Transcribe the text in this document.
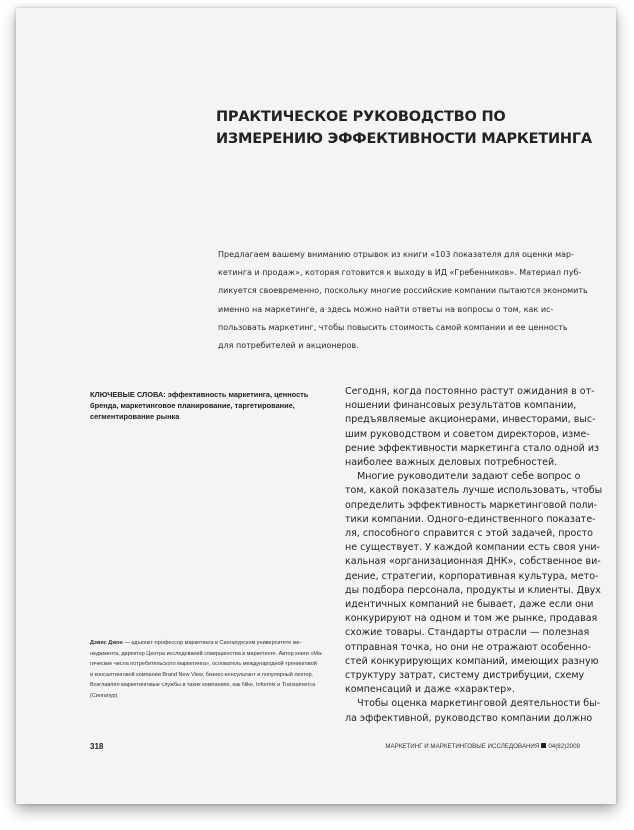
ПРАКТИЧЕСКОЕ РУКОВОДСТВО ПО
ИЗМЕРЕНИЮ ЭФФЕКТИВНОСТИ МАРКЕТИНГА
Предлагаем вашему вниманию отрывок из книги «103 показателя для оценки мар-
кетинга и продаж», которая готовится к выходу в ИД «Гребенников». Материал пуб-
ликуется своевременно, поскольку многие российские компании пытаются экономить
именно на маркетинге, а здесь можно найти ответы на вопросы о том, как ис-
пользовать маркетинг, чтобы повысить стоимость самой компании и ее ценность
для потребителей и акционеров.
КЛЮЧЕВЫЕ СЛОВА: эффективность маркетинга, ценность
бренда, маркетинговое планирование, таргетирование,
сегментирование рынка
Сегодня, когда постоянно растут ожидания в от-
ношении финансовых результатов компании,
предъявляемые акционерами, инвесторами, выс-
шим руководством и советом директоров, изме-
рение эффективности маркетинга стало одной из
наиболее важных деловых потребностей.
Многие руководители задают себе вопрос о
том, какой показатель лучше использовать, чтобы
определить эффективность маркетинговой поли-
тики компании. Одного-единственного показате-
ля, способного справится с этой задачей, просто
не существует. У каждой компании есть своя уни-
кальная «организационная ДНК», собственное ви-
дение, стратегии, корпоративная культура, мето-
ды подбора персонала, продукты и клиенты. Двух
идентичных компаний не бывает, даже если они
конкурируют на одном и том же рынке, продавая
схожие товары. Стандарты отрасли — полезная
отправная точка, но они не отражают особенно-
стей конкурирующих компаний, имеющих разную
структуру затрат, систему дистрибуции, схему
компенсаций и даже «характер».
Чтобы оценка маркетинговой деятельности бы-
ла эффективной, руководство компании должно
Дэвис Джон — адъюнкт-профессор маркетинга в Сингапурском университете ме-
неджмента, директор Центра исследований совершенства в маркетинге. Автор книги «Ма-
гические числа потребительского маркетинга», основатель международной тренинговой
и консалтинговой компании Brand New View, бизнес-консультант и популярный лектор.
Возглавлял маркетинговые службы в таких компаниях, как Nike, Informix и Transamerica
(Сингапур)
318	МАРКЕТИНГ И МАРКЕТИНГОВЫЕ ИССЛЕДОВАНИЯ 04(82)2009
